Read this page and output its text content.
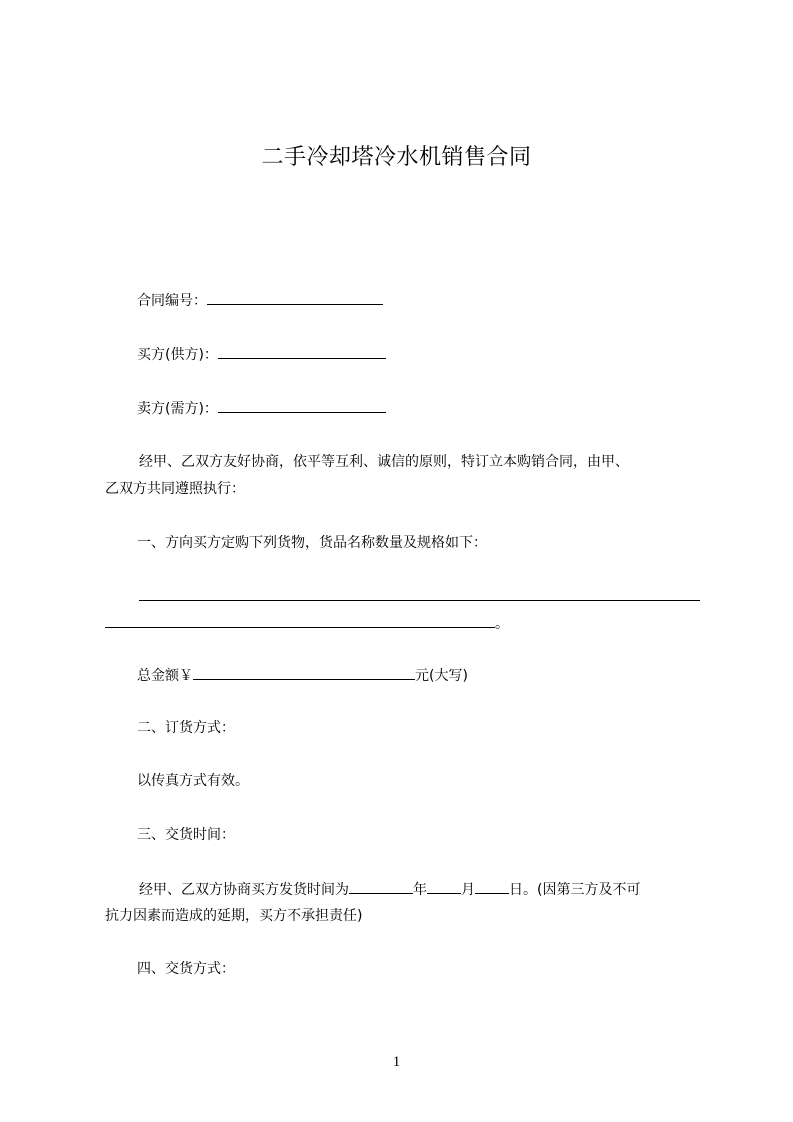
二手冷却塔冷水机销售合同
合同编号：
买方(供方)：
卖方(需方)：
经甲、乙双方友好协商，依平等互利、诚信的原则，特订立本购销合同，由甲、
乙双方共同遵照执行：
一、方向买方定购下列货物，货品名称数量及规格如下：
。
总金额￥	元(大写)
二、订货方式：
以传真方式有效。
三、交货时间：
经甲、乙双方协商买方发货时间为	年 月 日。(因第三方及不可
抗力因素而造成的延期，买方不承担责任)
四、交货方式：
1
